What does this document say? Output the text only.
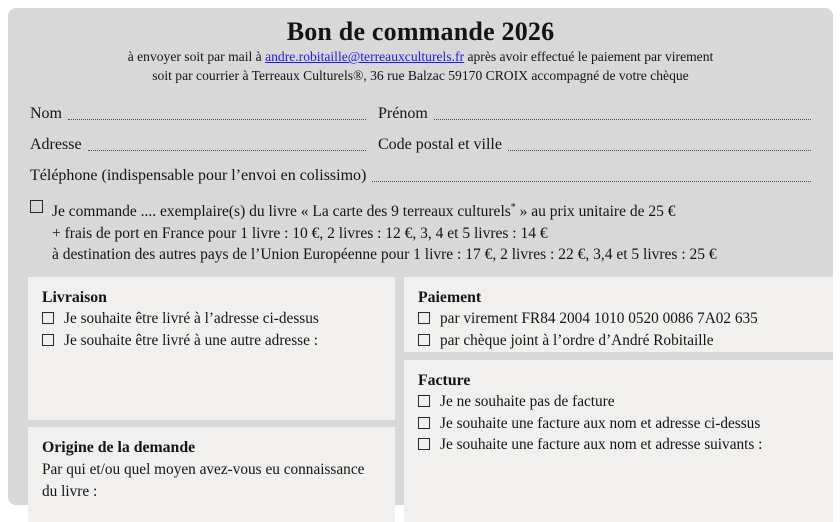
Bon de commande 2026
à envoyer soit par mail à andre.robitaille@terreauxculturels.fr après avoir effectué le paiement par virement
soit par courrier à Terreaux Culturels®, 36 rue Balzac 59170 CROIX accompagné de votre chèque
Nom	Prénom
Adresse	Code postal et ville
Téléphone (indispensable pour l’envoi en colissimo)
Je commande .... exemplaire(s) du livre « La carte des 9 terreaux culturels* » au prix unitaire de 25 €
+ frais de port en France pour 1 livre : 10 €, 2 livres : 12 €, 3, 4 et 5 livres : 14 €
à destination des autres pays de l’Union Européenne pour 1 livre : 17 €, 2 livres : 22 €, 3,4 et 5 livres : 25 €
Livraison
Je souhaite être livré à l’adresse ci-dessus
Je souhaite être livré à une autre adresse :
Origine de la demande

Par qui et/ou quel moyen avez-vous eu connaissance du livre :

Paiement
par virement FR84 2004 1010 0520 0086 7A02 635
par chèque joint à l’ordre d’André Robitaille
Facture
Je ne souhaite pas de facture
Je souhaite une facture aux nom et adresse ci-dessus
Je souhaite une facture aux nom et adresse suivants :
